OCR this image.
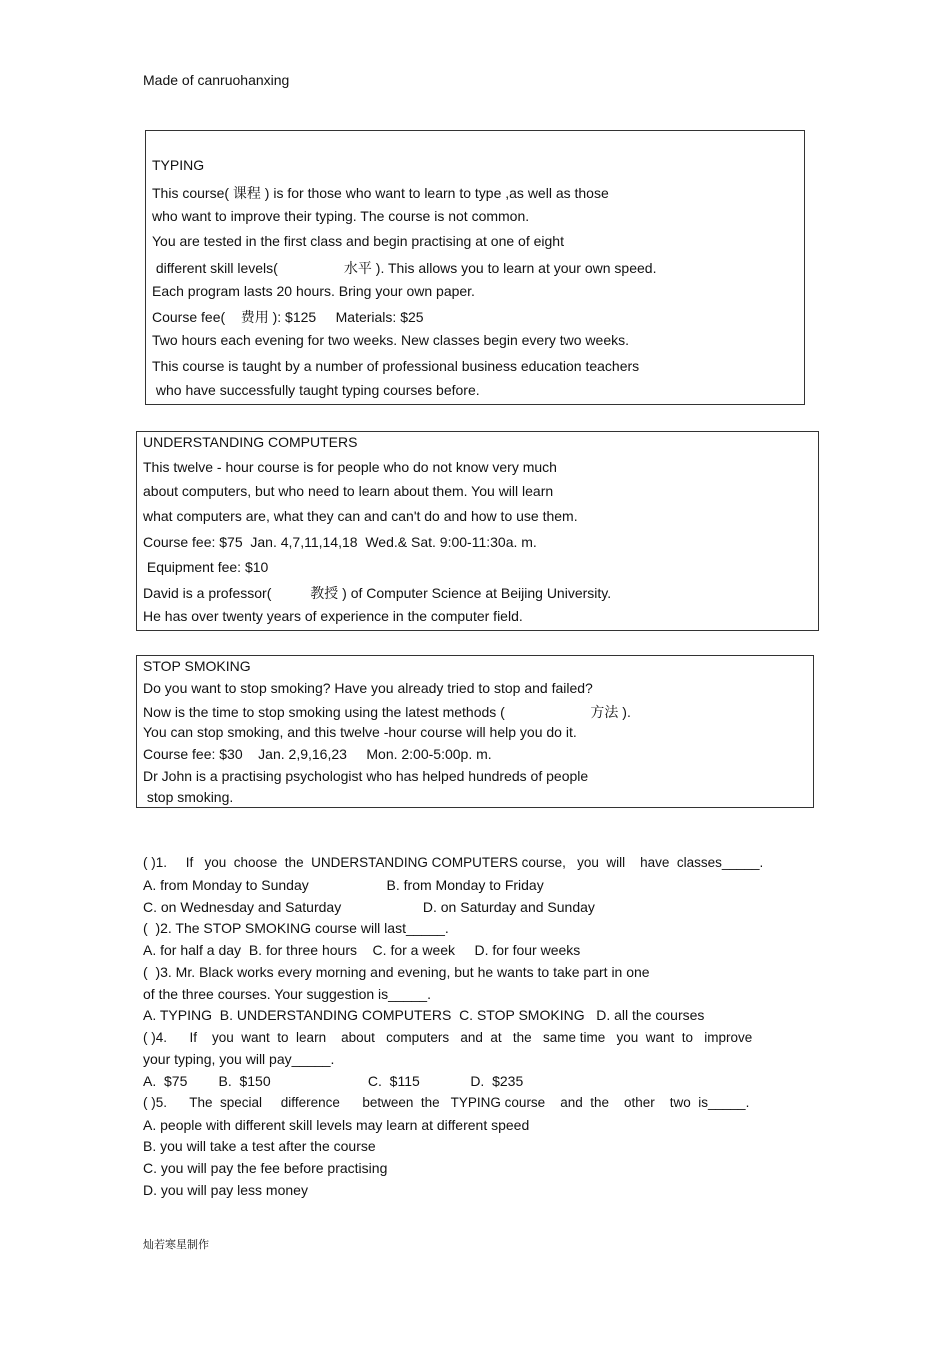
Made of canruohanxing
TYPING
This course( 课程 ) is for those who want to learn to type ,as well as those
who want to improve their typing. The course is not common.
You are tested in the first class and begin practising at one of eight
different skill levels(                 水平 ). This allows you to learn at your own speed.
Each program lasts 20 hours. Bring your own paper.
Course fee(    费用 ): $125     Materials: $25
Two hours each evening for two weeks. New classes begin every two weeks.
This course is taught by a number of professional business education teachers
who have successfully taught typing courses before.
UNDERSTANDING COMPUTERS
This twelve - hour course is for people who do not know very much
about computers, but who need to learn about them. You will learn
what computers are, what they can and can't do and how to use them.
Course fee: $75  Jan. 4,7,11,14,18  Wed.& Sat. 9:00-11:30a. m.
Equipment fee: $10
David is a professor(          教授 ) of Computer Science at Beijing University.
He has over twenty years of experience in the computer field.
STOP SMOKING
Do you want to stop smoking? Have you already tried to stop and failed?
Now is the time to stop smoking using the latest methods (                      方法 ).
You can stop smoking, and this twelve -hour course will help you do it.
Course fee: $30    Jan. 2,9,16,23     Mon. 2:00-5:00p. m.
Dr John is a practising psychologist who has helped hundreds of people
stop smoking.
( )1.     If   you  choose  the  UNDERSTANDING COMPUTERS course,   you  will    have  classes_____.
A. from Monday to Sunday                    B. from Monday to Friday
C. on Wednesday and Saturday                     D. on Saturday and Sunday
(  )2. The STOP SMOKING course will last_____.
A. for half a day  B. for three hours    C. for a week     D. for four weeks
(  )3. Mr. Black works every morning and evening, but he wants to take part in one
of the three courses. Your suggestion is_____.
A. TYPING  B. UNDERSTANDING COMPUTERS  C. STOP SMOKING   D. all the courses
( )4.      If    you  want  to  learn    about   computers   and  at   the   same time   you  want  to   improve
your typing, you will pay_____.
A.  $75        B.  $150                         C.  $115             D.  $235
( )5.      The  special     difference      between  the   TYPING course    and  the    other    two  is_____.
A. people with different skill levels may learn at different speed
B. you will take a test after the course
C. you will pay the fee before practising
D. you will pay less money
灿若寒星制作
